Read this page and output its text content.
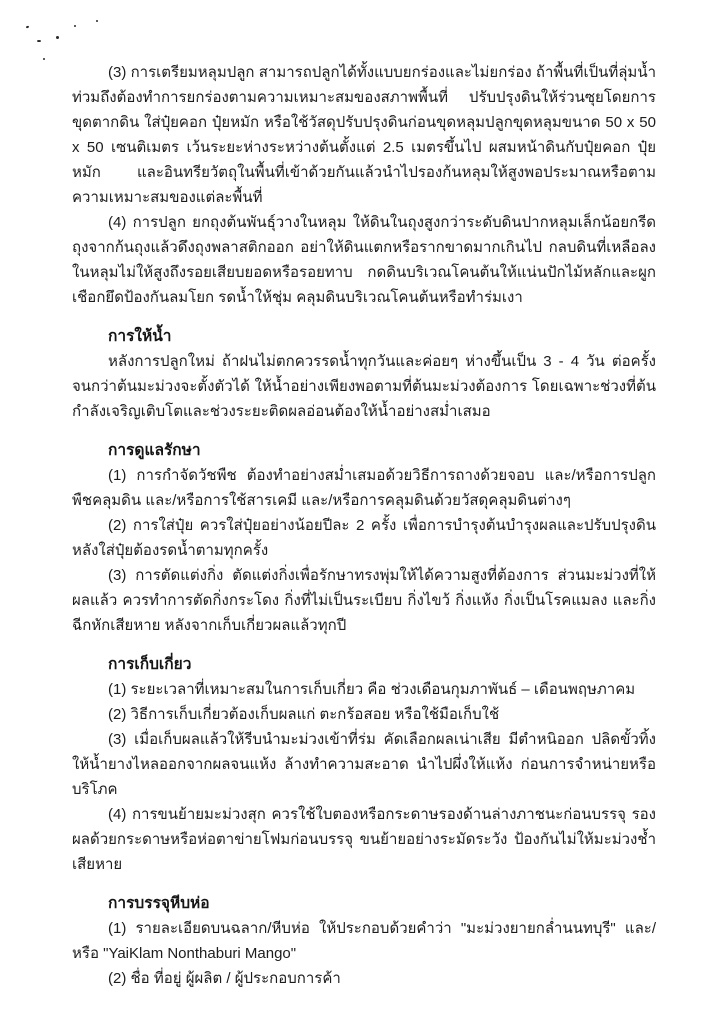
(3) การเตรียมหลุมปลูก สามารถปลูกได้ทั้งแบบยกร่องและไม่ยกร่อง ถ้าพื้นที่เป็นที่ลุ่มน้ำท่วมถึงต้องทำการยกร่องตามความเหมาะสมของสภาพพื้นที่ ปรับปรุงดินให้ร่วนซุยโดยการขุดตากดิน ใส่ปุ๋ยคอก ปุ๋ยหมัก หรือใช้วัสดุปรับปรุงดินก่อนขุดหลุมปลูกขุดหลุมขนาด 50 x 50 x 50 เซนติเมตร เว้นระยะห่างระหว่างต้นตั้งแต่ 2.5 เมตรขึ้นไป ผสมหน้าดินกับปุ๋ยคอก ปุ๋ยหมัก และอินทรียวัตถุในพื้นที่เข้าด้วยกันแล้วนำไปรองก้นหลุมให้สูงพอประมาณหรือตามความเหมาะสมของแต่ละพื้นที่

(4) การปลูก ยกถุงต้นพันธุ์วางในหลุม ให้ดินในถุงสูงกว่าระดับดินปากหลุมเล็กน้อยกรีดถุงจากก้นถุงแล้วดึงถุงพลาสติกออก อย่าให้ดินแตกหรือรากขาดมากเกินไป กลบดินที่เหลือลงในหลุมไม่ให้สูงถึงรอยเสียบยอดหรือรอยทาบ กดดินบริเวณโคนต้นให้แน่นปักไม้หลักและผูกเชือกยึดป้องกันลมโยก รดน้ำให้ชุ่ม คลุมดินบริเวณโคนต้นหรือทำร่มเงา

การให้น้ำ

หลังการปลูกใหม่ ถ้าฝนไม่ตกควรรดน้ำทุกวันและค่อยๆ ห่างขึ้นเป็น 3 - 4 วัน ต่อครั้ง จนกว่าต้นมะม่วงจะตั้งตัวได้ ให้น้ำอย่างเพียงพอตามที่ต้นมะม่วงต้องการ โดยเฉพาะช่วงที่ต้นกำลังเจริญเติบโตและช่วงระยะติดผลอ่อนต้องให้น้ำอย่างสม่ำเสมอ

การดูแลรักษา

(1) การกำจัดวัชพืช ต้องทำอย่างสม่ำเสมอด้วยวิธีการถางด้วยจอบ และ/หรือการปลูกพืชคลุมดิน และ/หรือการใช้สารเคมี และ/หรือการคลุมดินด้วยวัสดุคลุมดินต่างๆ

(2) การใส่ปุ๋ย ควรใส่ปุ๋ยอย่างน้อยปีละ 2 ครั้ง เพื่อการบำรุงต้นบำรุงผลและปรับปรุงดิน หลังใส่ปุ๋ยต้องรดน้ำตามทุกครั้ง

(3) การตัดแต่งกิ่ง ตัดแต่งกิ่งเพื่อรักษาทรงพุ่มให้ได้ความสูงที่ต้องการ ส่วนมะม่วงที่ให้ผลแล้ว ควรทำการตัดกิ่งกระโดง กิ่งที่ไม่เป็นระเบียบ กิ่งไขว้ กิ่งแห้ง กิ่งเป็นโรคแมลง และกิ่งฉีกหักเสียหาย หลังจากเก็บเกี่ยวผลแล้วทุกปี

การเก็บเกี่ยว

(1) ระยะเวลาที่เหมาะสมในการเก็บเกี่ยว คือ ช่วงเดือนกุมภาพันธ์ – เดือนพฤษภาคม

(2) วิธีการเก็บเกี่ยวต้องเก็บผลแก่ ตะกร้อสอย หรือใช้มือเก็บใช้

(3) เมื่อเก็บผลแล้วให้รีบนำมะม่วงเข้าที่ร่ม คัดเลือกผลเน่าเสีย มีตำหนิออก ปลิดขั้วทิ้งให้น้ำยางไหลออกจากผลจนแห้ง ล้างทำความสะอาด นำไปผึ่งให้แห้ง ก่อนการจำหน่ายหรือบริโภค

(4) การขนย้ายมะม่วงสุก ควรใช้ใบตองหรือกระดาษรองด้านล่างภาชนะก่อนบรรจุ รองผลด้วยกระดาษหรือห่อตาข่ายโฟมก่อนบรรจุ ขนย้ายอย่างระมัดระวัง ป้องกันไม่ให้มะม่วงช้ำ เสียหาย

การบรรจุหีบห่อ

(1) รายละเอียดบนฉลาก/หีบห่อ ให้ประกอบด้วยคำว่า "มะม่วงยายกล่ำนนทบุรี" และ/หรือ "YaiKlam Nonthaburi Mango"

(2) ชื่อ ที่อยู่ ผู้ผลิต / ผู้ประกอบการค้า
